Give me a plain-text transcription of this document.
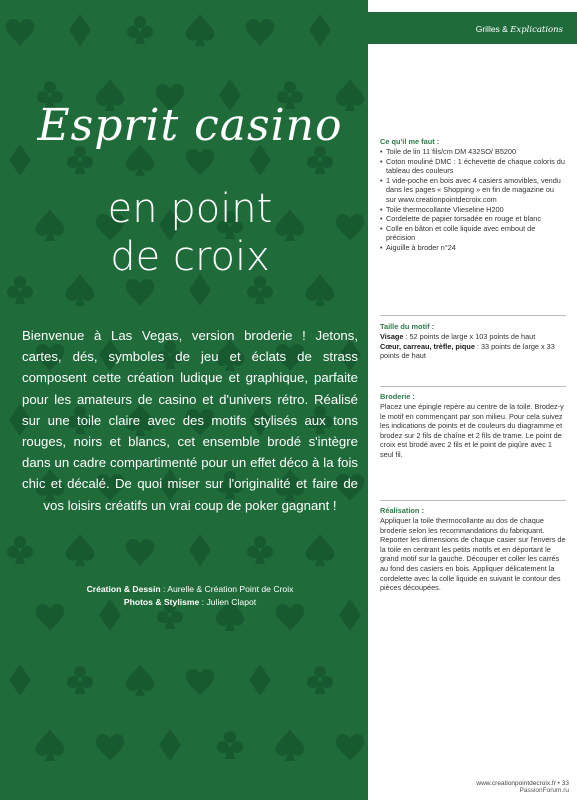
Esprit casino
en point
de croix

Bienvenue à Las Vegas, version broderie ! Jetons, cartes, dés, symboles de jeu et éclats de strass composent cette création ludique et graphique, parfaite pour les amateurs de casino et d'univers rétro. Réalisé sur une toile claire avec des motifs stylisés aux tons rouges, noirs et blancs, cet ensemble brodé s'intègre dans un cadre compartimenté pour un effet déco à la fois chic et décalé. De quoi miser sur l'originalité et faire de vos loisirs créatifs un vrai coup de poker gagnant !

Création & Dessin : Aurelle & Création Point de Croix
Photos & Stylisme : Julien Clapot
Grilles & Explications
Ce qu'il me faut :
• Toile de lin 11 fils/cm DM 432SO/ B5200
• Coton mouliné DMC : 1 échevette de chaque coloris du tableau des couleurs
• 1 vide-poche en bois avec 4 casiers amovibles, vendu dans les pages « Shopping » en fin de magazine ou sur www.creationpointdecroix.com
• Toile thermocollante Vlieseline H200
• Cordelette de papier torsadée en rouge et blanc
• Colle en bâton et colle liquide avec embout de précision
• Aiguille à broder n°24
Taille du motif :
Visage : 52 points de large x 103 points de haut
Cœur, carreau, trèfle, pique : 33 points de large x 33 points de haut
Broderie :
Placez une épingle repère au centre de la toile. Brodez-y le motif en commençant par son milieu. Pour cela suivez les indications de points et de couleurs du diagramme et brodez sur 2 fils de chaîne et 2 fils de trame. Le point de croix est brodé avec 2 fils et le point de piqûre avec 1 seul fil.
Réalisation :
Appliquer la toile thermocollante au dos de chaque broderie selon les recommandations du fabriquant. Reporter les dimensions de chaque casier sur l'envers de la toile en centrant les petits motifs et en déportant le grand motif sur la gauche. Découper et coller les carrés au fond des casiers en bois. Appliquer délicatement la cordelette avec la colle liquide en suivant le contour des pièces découpées.
www.creationpointdecroix.fr • 33
PassionForum.ru
